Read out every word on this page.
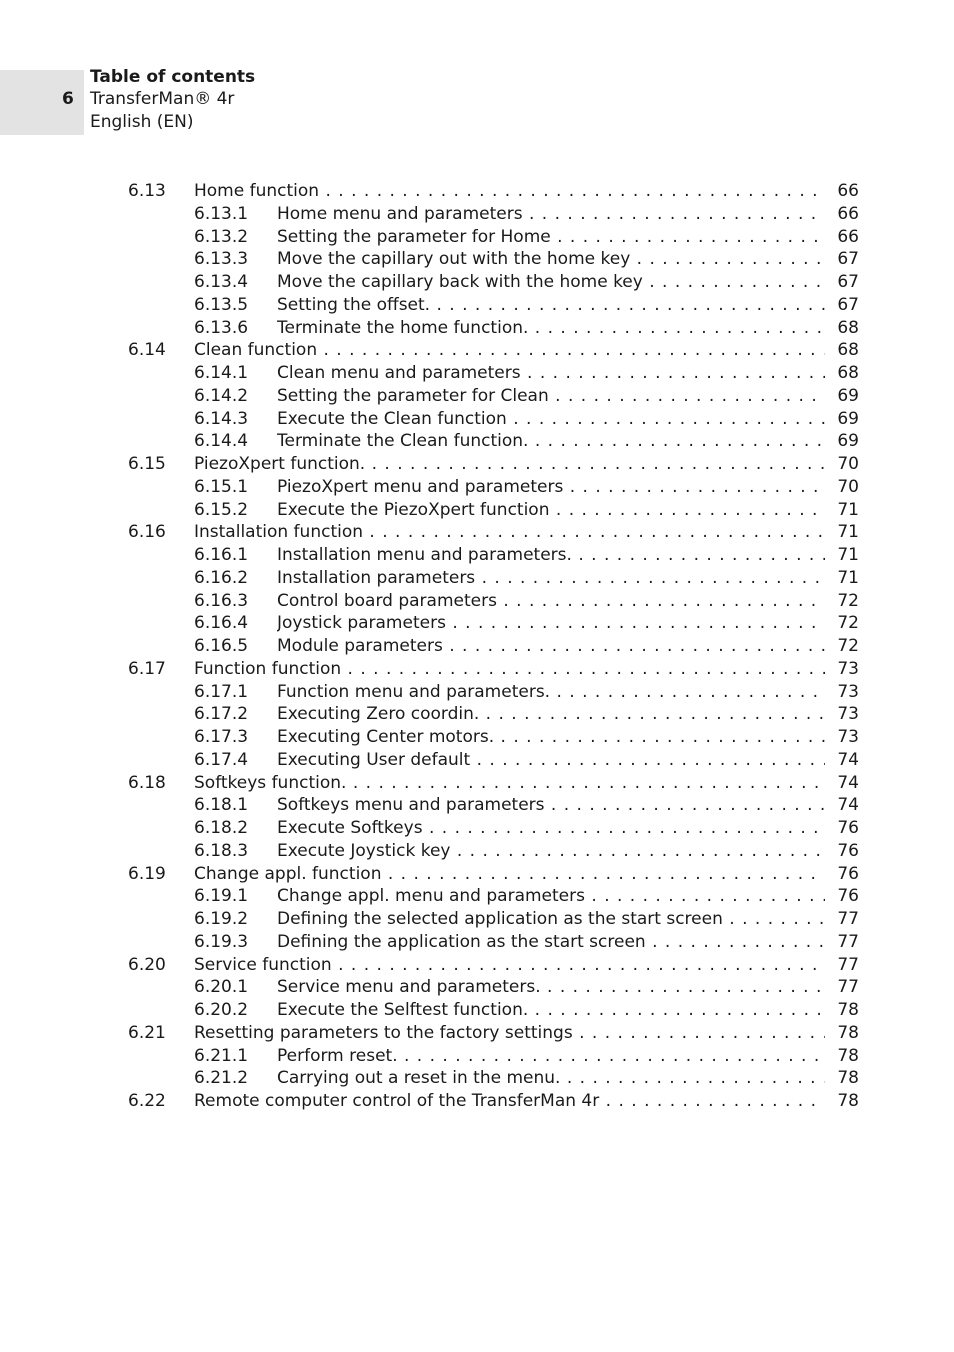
6
Table of contents
TransferMan® 4r
English (EN)
6.13 Home function . . .	66
6.13.1 Home menu and parameters . . .	66
6.13.2 Setting the parameter for Home . . .	66
6.13.3 Move the capillary out with the home key . . .	67
6.13.4 Move the capillary back with the home key . . .	67
6.13.5 Setting the offset. . . .	67
6.13.6 Terminate the home function. . . .	68
6.14 Clean function . . .	68
6.14.1 Clean menu and parameters . . .	68
6.14.2 Setting the parameter for Clean . . .	69
6.14.3 Execute the Clean function . . .	69
6.14.4 Terminate the Clean function. . . .	69
6.15 PiezoXpert function. . . .	70
6.15.1 PiezoXpert menu and parameters . . .	70
6.15.2 Execute the PiezoXpert function . . .	71
6.16 Installation function . . .	71
6.16.1 Installation menu and parameters. . . .	71
6.16.2 Installation parameters . . .	71
6.16.3 Control board parameters . . .	72
6.16.4 Joystick parameters . . .	72
6.16.5 Module parameters . . .	72
6.17 Function function . . .	73
6.17.1 Function menu and parameters. . . .	73
6.17.2 Executing Zero coordin. . . .	73
6.17.3 Executing Center motors. . . .	73
6.17.4 Executing User default . . .	74
6.18 Softkeys function. . . .	74
6.18.1 Softkeys menu and parameters . . .	74
6.18.2 Execute Softkeys . . .	76
6.18.3 Execute Joystick key . . .	76
6.19 Change appl. function . . .	76
6.19.1 Change appl. menu and parameters . . .	76
6.19.2 Defining the selected application as the start screen . . .	77
6.19.3 Defining the application as the start screen . . .	77
6.20 Service function . . .	77
6.20.1 Service menu and parameters. . . .	77
6.20.2 Execute the Selftest function. . . .	78
6.21 Resetting parameters to the factory settings . . .	78
6.21.1 Perform reset. . . .	78
6.21.2 Carrying out a reset in the menu. . . .	78
6.22 Remote computer control of the TransferMan 4r . . .	78
